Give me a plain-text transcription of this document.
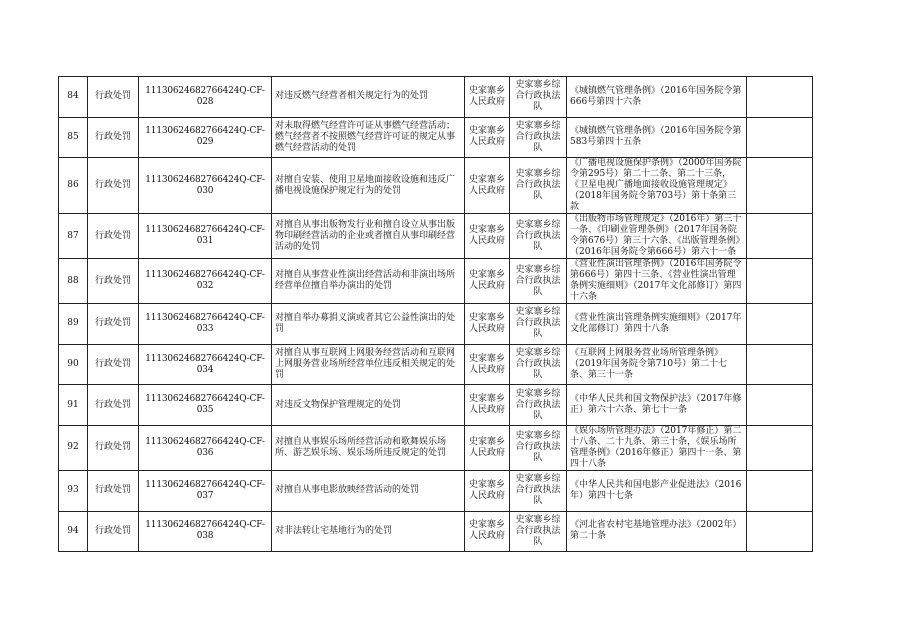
84	行政处罚	11130624682766424Q-CF-028	对违反燃气经营者相关规定行为的处罚	史家寨乡人民政府	史家寨乡综合行政执法队	《城镇燃气管理条例》（2016年国务院令第666号第四十六条	
85	行政处罚	11130624682766424Q-CF-029	对未取得燃气经营许可证从事燃气经营活动；燃气经营者不按照燃气经营许可证的规定从事燃气经营活动的处罚	史家寨乡人民政府	史家寨乡综合行政执法队	《城镇燃气管理条例》（2016年国务院令第583号第四十五条	
86	行政处罚	11130624682766424Q-CF-030	对擅自安装、使用卫星地面接收设施和违反广播电视设施保护规定行为的处罚	史家寨乡人民政府	史家寨乡综合行政执法队	《广播电视设施保护条例》（2000年国务院令第295号）第二十二条、第二十三条，《卫星电视广播地面接收设施管理规定》（2018年国务院令第703号）第十条第三款	
87	行政处罚	11130624682766424Q-CF-031	对擅自从事出版物发行业和擅自设立从事出版物印刷经营活动的企业或者擅自从事印刷经营活动的处罚	史家寨乡人民政府	史家寨乡综合行政执法队	《出版物市场管理规定》（2016年）第三十一条、《印刷业管理条例》（2017年国务院令第676号）第三十六条、《出版管理条例》（2016年国务院令第666号）第六十一条	
88	行政处罚	11130624682766424Q-CF-032	对擅自从事营业性演出经营活动和非演出场所经营单位擅自举办演出的处罚	史家寨乡人民政府	史家寨乡综合行政执法队	《营业性演出管理条例》（2016年国务院令第666号）第四十三条、《营业性演出管理条例实施细则》（2017年文化部修订）第四十六条	
89	行政处罚	11130624682766424Q-CF-033	对擅自举办募捐义演或者其它公益性演出的处罚	史家寨乡人民政府	史家寨乡综合行政执法队	《营业性演出管理条例实施细则》（2017年文化部修订）第四十八条	
90	行政处罚	11130624682766424Q-CF-034	对擅自从事互联网上网服务经营活动和互联网上网服务营业场所经营单位违反相关规定的处罚	史家寨乡人民政府	史家寨乡综合行政执法队	《互联网上网服务营业场所管理条例》（2019年国务院令第710号）第二十七条、第三十一条	
91	行政处罚	11130624682766424Q-CF-035	对违反文物保护管理规定的处罚	史家寨乡人民政府	史家寨乡综合行政执法队	《中华人民共和国文物保护法》（2017年修正）第六十六条、第七十一条	
92	行政处罚	11130624682766424Q-CF-036	对擅自从事娱乐场所经营活动和歌舞娱乐场所、游艺娱乐场、娱乐场所违反规定的处罚	史家寨乡人民政府	史家寨乡综合行政执法队	《娱乐场所管理办法》（2017年修正）第二十八条、二十九条、第三十条，《娱乐场所管理条例》（2016年修正）第四十一条、第四十八条	
93	行政处罚	11130624682766424Q-CF-037	对擅自从事电影放映经营活动的处罚	史家寨乡人民政府	史家寨乡综合行政执法队	《中华人民共和国电影产业促进法》（2016年）第四十七条	
94	行政处罚	11130624682766424Q-CF-038	对非法转让宅基地行为的处罚	史家寨乡人民政府	史家寨乡综合行政执法队	《河北省农村宅基地管理办法》（2002年）第二十条	
